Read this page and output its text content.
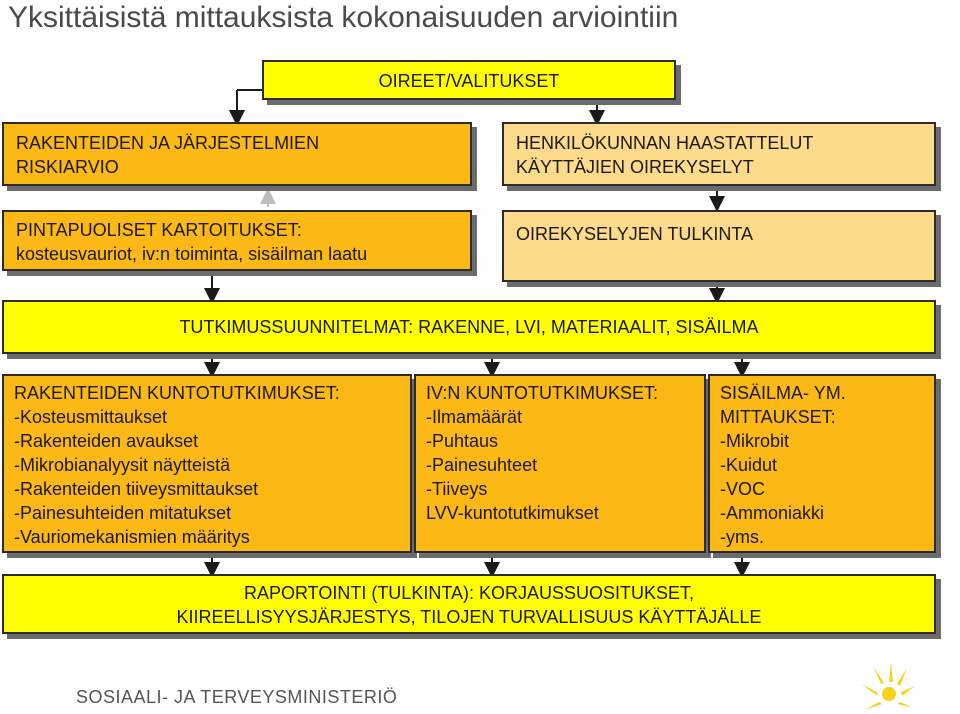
Yksittäisistä mittauksista kokonaisuuden arviointiin
OIREET/VALITUKSET
RAKENTEIDEN JA JÄRJESTELMIEN
RISKIARVIO
HENKILÖKUNNAN HAASTATTELUT
KÄYTTÄJIEN OIREKYSELYT
PINTAPUOLISET KARTOITUKSET:
kosteusvauriot, iv:n toiminta, sisäilman laatu
OIREKYSELYJEN TULKINTA
TUTKIMUSSUUNNITELMAT: RAKENNE, LVI, MATERIAALIT, SISÄILMA
RAKENTEIDEN KUNTOTUTKIMUKSET:
-Kosteusmittaukset
-Rakenteiden avaukset
-Mikrobianalyysit näytteistä
-Rakenteiden tiiveysmittaukset
-Painesuhteiden mitatukset
-Vauriomekanismien määritys
IV:N KUNTOTUTKIMUKSET:
-Ilmamäärät
-Puhtaus
-Painesuhteet
-Tiiveys
LVV-kuntotutkimukset
SISÄILMA- YM.
MITTAUKSET:
-Mikrobit
-Kuidut
-VOC
-Ammoniakki
-yms.
RAPORTOINTI (TULKINTA): KORJAUSSUOSITUKSET,
KIIREELLISYYSJÄRJESTYS, TILOJEN TURVALLISUUS KÄYTTÄJÄLLE
SOSIAALI- JA TERVEYSMINISTERIÖ
